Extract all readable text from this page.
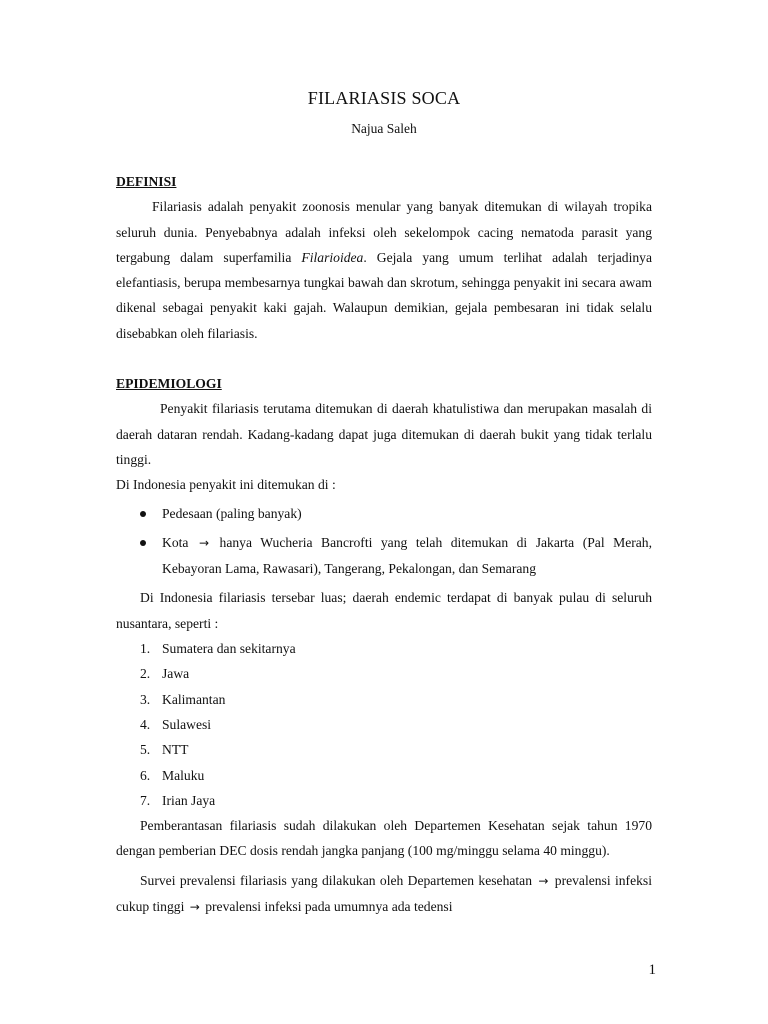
FILARIASIS SOCA
Najua Saleh
DEFINISI

Filariasis adalah penyakit zoonosis menular yang banyak ditemukan di wilayah tropika seluruh dunia. Penyebabnya adalah infeksi oleh sekelompok cacing nematoda parasit yang tergabung dalam superfamilia Filarioidea. Gejala yang umum terlihat adalah terjadinya elefantiasis, berupa membesarnya tungkai bawah dan skrotum, sehingga penyakit ini secara awam dikenal sebagai penyakit kaki gajah. Walaupun demikian, gejala pembesaran ini tidak selalu disebabkan oleh filariasis.

EPIDEMIOLOGI

Penyakit filariasis terutama ditemukan di daerah khatulistiwa dan merupakan masalah di daerah dataran rendah. Kadang-kadang dapat juga ditemukan di daerah bukit yang tidak terlalu tinggi.

Di Indonesia penyakit ini ditemukan di :

Pedesaan (paling banyak)
Kota → hanya Wucheria Bancrofti yang telah ditemukan di Jakarta (Pal Merah, Kebayoran Lama, Rawasari), Tangerang, Pekalongan, dan Semarang

Di Indonesia filariasis tersebar luas; daerah endemic terdapat di banyak pulau di seluruh nusantara, seperti :

1. Sumatera dan sekitarnya
2. Jawa
3. Kalimantan
4. Sulawesi
5. NTT
6. Maluku
7. Irian Jaya

Pemberantasan filariasis sudah dilakukan oleh Departemen Kesehatan sejak tahun 1970 dengan pemberian DEC dosis rendah jangka panjang (100 mg/minggu selama 40 minggu).

Survei prevalensi filariasis yang dilakukan oleh Departemen kesehatan → prevalensi infeksi cukup tinggi → prevalensi infeksi pada umumnya ada tedensi

1
